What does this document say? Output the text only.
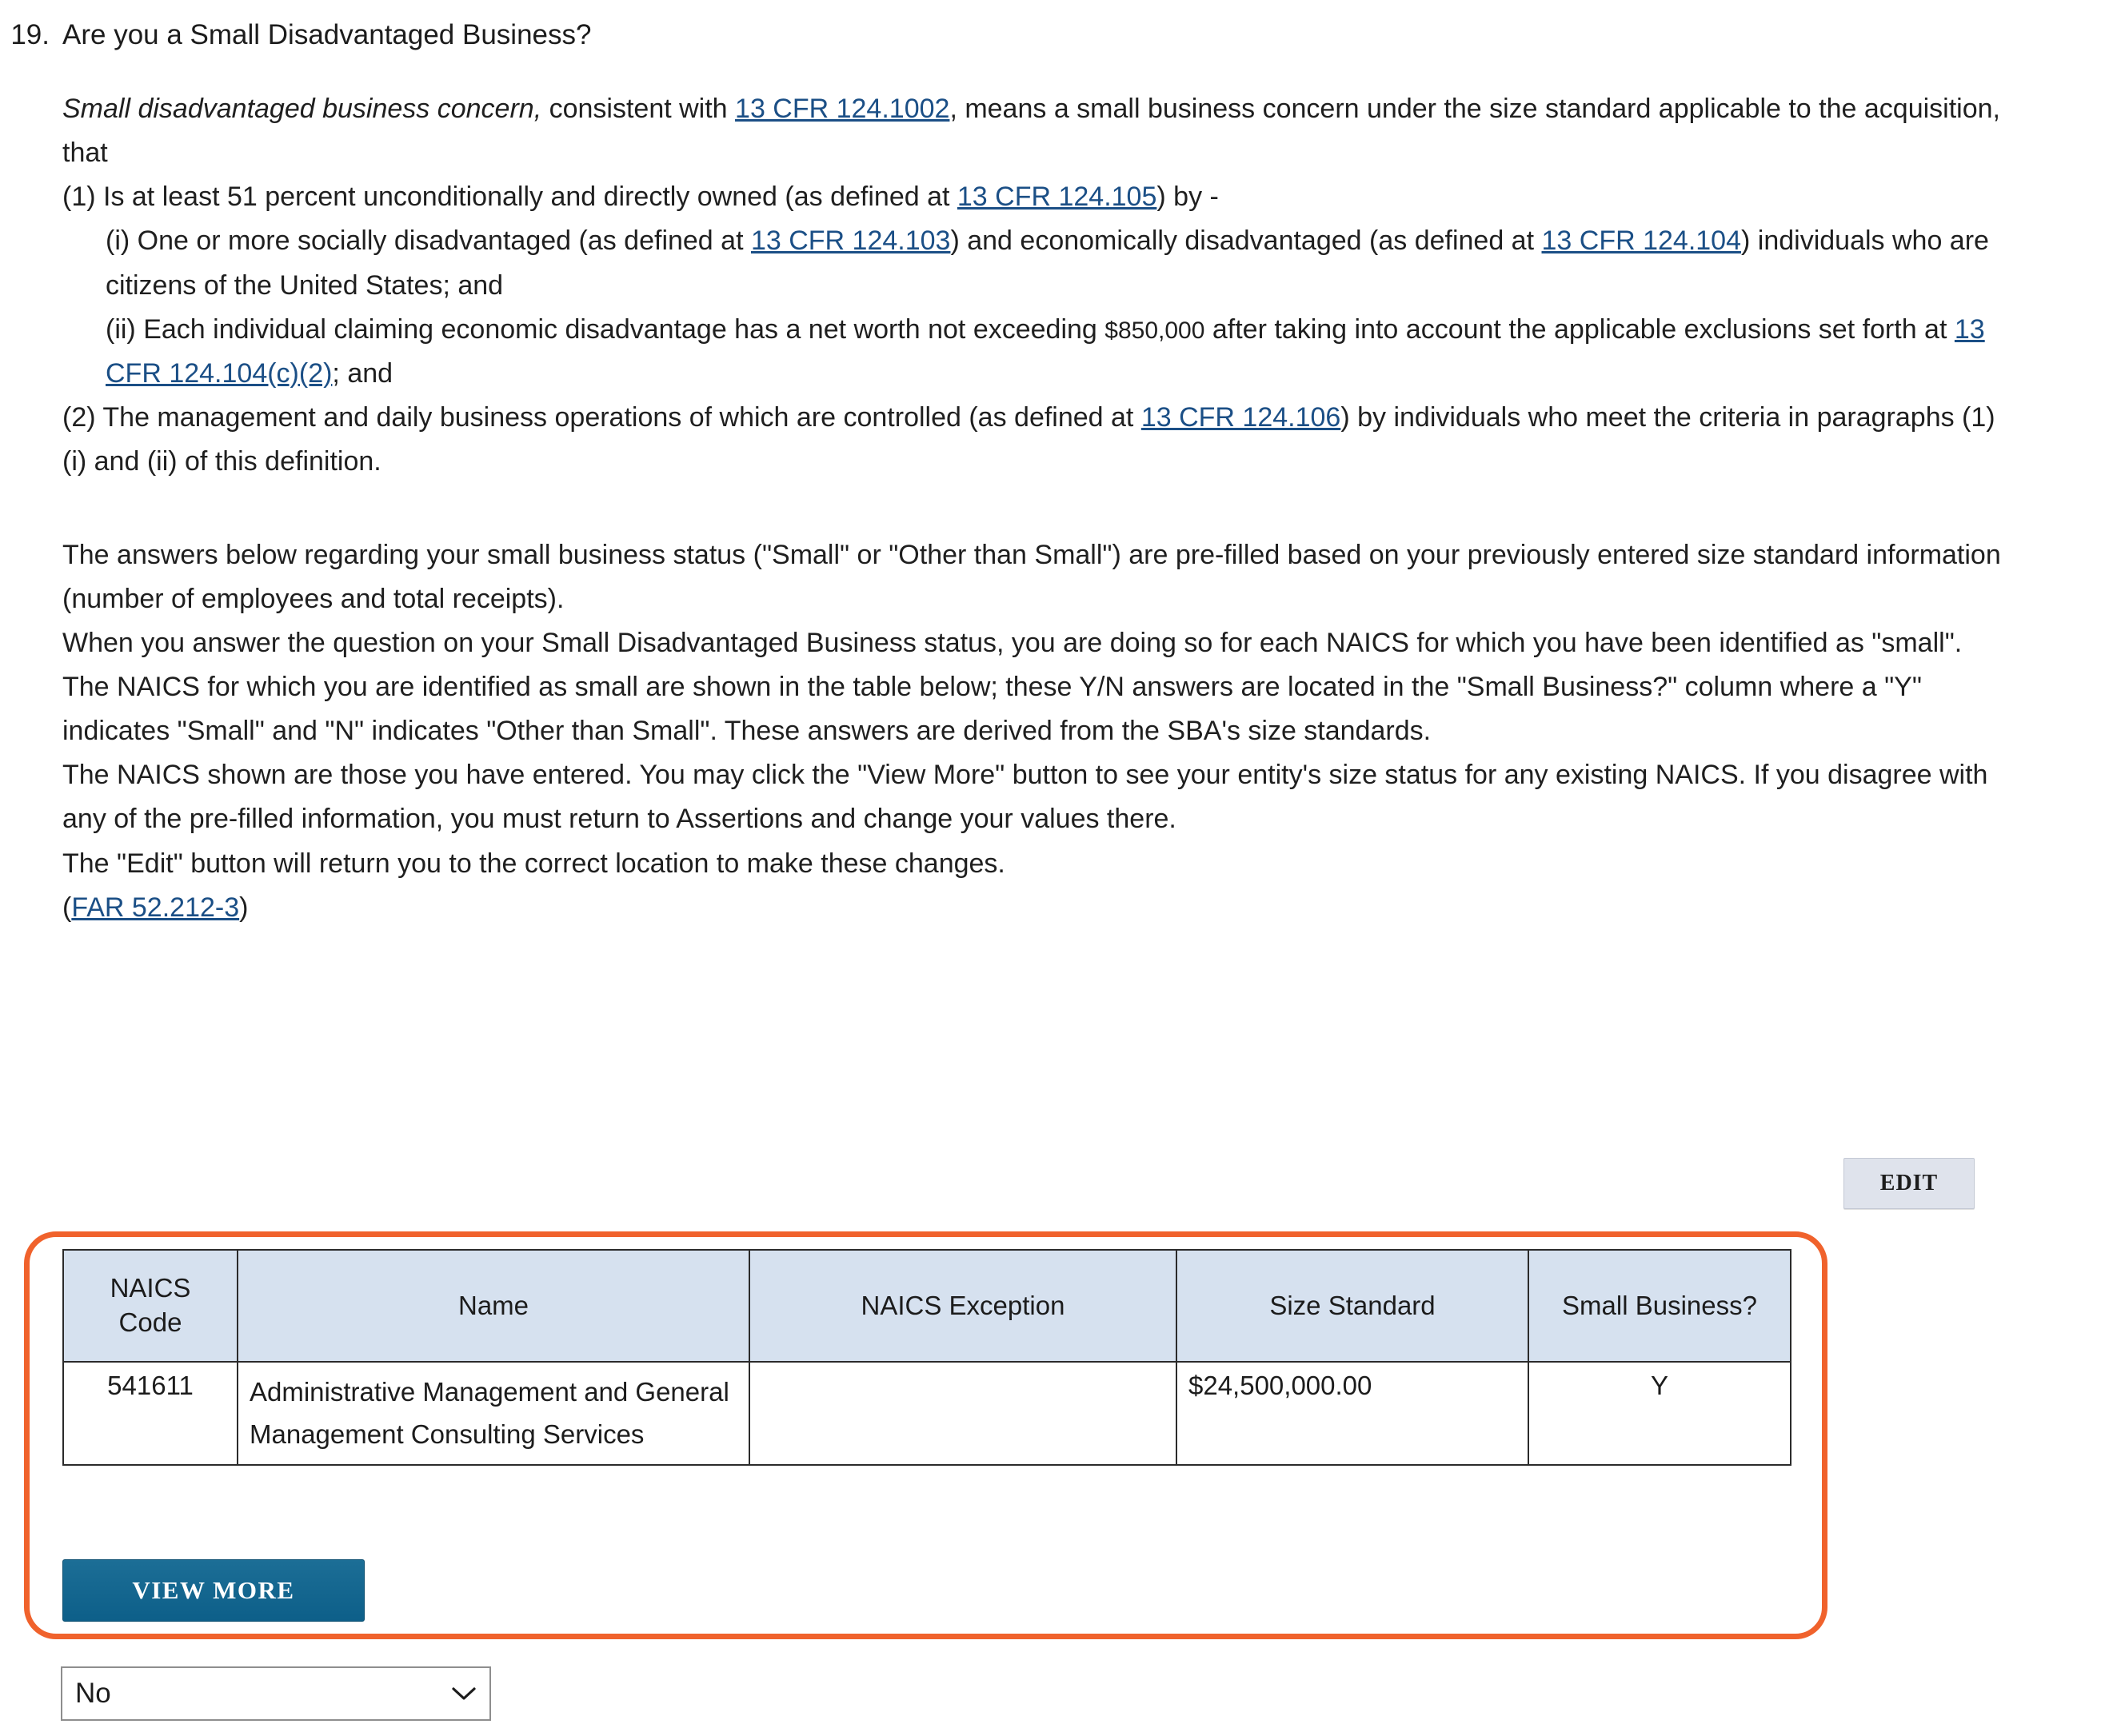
19. Are you a Small Disadvantaged Business?

Small disadvantaged business concern, consistent with 13 CFR 124.1002, means a small business concern under the size standard applicable to the acquisition, that

(1) Is at least 51 percent unconditionally and directly owned (as defined at 13 CFR 124.105) by -

(i) One or more socially disadvantaged (as defined at 13 CFR 124.103) and economically disadvantaged (as defined at 13 CFR 124.104) individuals who are citizens of the United States; and

(ii) Each individual claiming economic disadvantage has a net worth not exceeding $850,000 after taking into account the applicable exclusions set forth at 13 CFR 124.104(c)(2); and

(2) The management and daily business operations of which are controlled (as defined at 13 CFR 124.106) by individuals who meet the criteria in paragraphs (1)(i) and (ii) of this definition.

The answers below regarding your small business status ("Small" or "Other than Small") are pre-filled based on your previously entered size standard information (number of employees and total receipts).

When you answer the question on your Small Disadvantaged Business status, you are doing so for each NAICS for which you have been identified as "small".

The NAICS for which you are identified as small are shown in the table below; these Y/N answers are located in the "Small Business?" column where a "Y" indicates "Small" and "N" indicates "Other than Small". These answers are derived from the SBA's size standards.

The NAICS shown are those you have entered. You may click the "View More" button to see your entity's size status for any existing NAICS. If you disagree with any of the pre-filled information, you must return to Assertions and change your values there.

The "Edit" button will return you to the correct location to make these changes.

(FAR 52.212-3)

EDIT
NAICS Code	Name	NAICS Exception	Size Standard	Small Business?
541611	Administrative Management and General Management Consulting Services		$24,500,000.00	Y
VIEW MORE
No
